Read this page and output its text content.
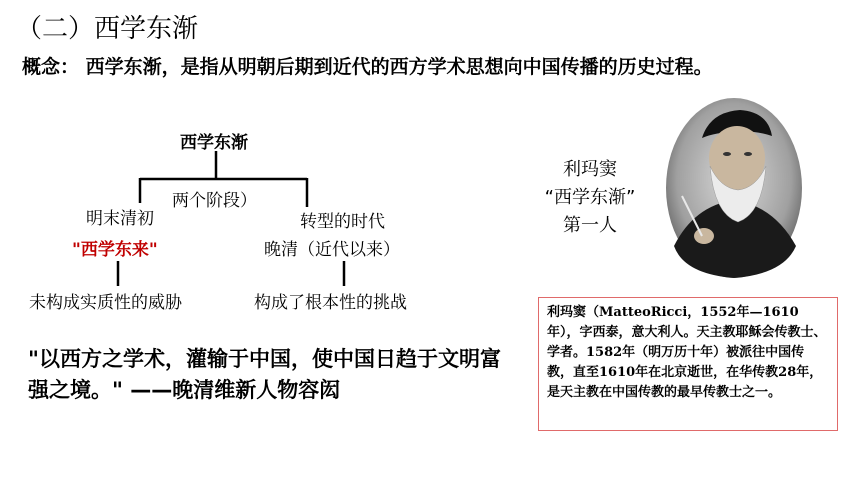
（二）西学东渐
概念： 西学东渐，是指从明朝后期到近代的西方学术思想向中国传播的历史过程。
西学东渐
两个阶段）
明末清初
"西学东来"
未构成实质性的威胁
转型的时代
晚清（近代以来）
构成了根本性的挑战
"以西方之学术，灌输于中国，使中国日趋于文明富强之境。" ——晚清维新人物容闳
利玛窦
“西学东渐”
第一人
利玛窦（MatteoRicci，1552年—1610年），字西泰，意大利人。天主教耶稣会传教士、学者。1582年（明万历十年）被派往中国传教，直至1610年在北京逝世，在华传教28年，是天主教在中国传教的最早传教士之一。
